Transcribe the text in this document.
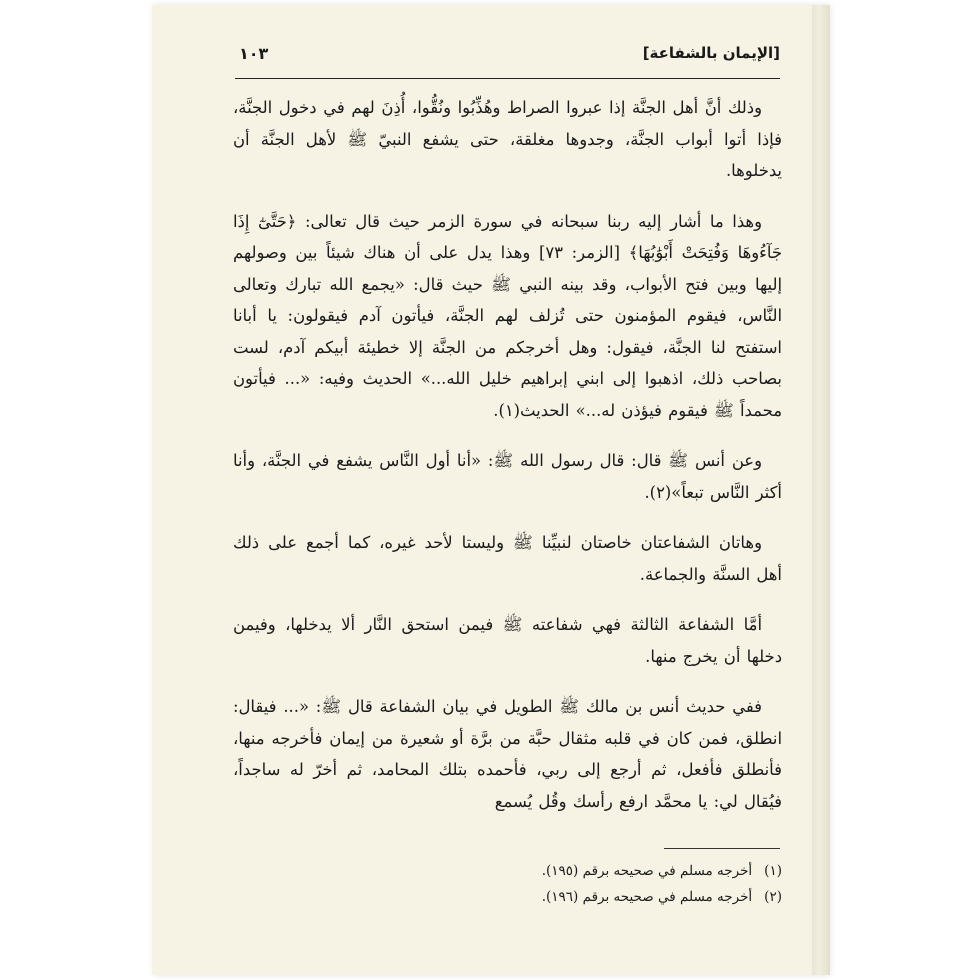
[الإيمان بالشفاعة]
١٠٣

وذلك أنَّ أهل الجنَّة إذا عبروا الصراط وهُذِّبُوا ونُقُّوا، أُذِنَ لهم في دخول الجنَّة، فإذا أتوا أبواب الجنَّة، وجدوها مغلقة، حتى يشفع النبيّ ﷺ لأهل الجنَّة أن يدخلوها.

وهذا ما أشار إليه ربنا سبحانه في سورة الزمر حيث قال تعالى: ﴿حَتَّىٰٓ إِذَا جَآءُوهَا وَفُتِحَتْ أَبْوَٰبُهَا﴾ [الزمر: ٧٣] وهذا يدل على أن هناك شيئاً بين وصولهم إليها وبين فتح الأبواب، وقد بينه النبي ﷺ حيث قال: «يجمع الله تبارك وتعالى النَّاس، فيقوم المؤمنون حتى تُزلف لهم الجنَّة، فيأتون آدم فيقولون: يا أبانا استفتح لنا الجنَّة، فيقول: وهل أخرجكم من الجنَّة إلا خطيئة أبيكم آدم، لست بصاحب ذلك، اذهبوا إلى ابني إبراهيم خليل الله...» الحديث وفيه: «... فيأتون محمداً ﷺ فيقوم فيؤذن له...» الحديث(١).

وعن أنس ﷺ قال: قال رسول الله ﷺ: «أنا أول النَّاس يشفع في الجنَّة، وأنا أكثر النَّاس تبعاً»(٢).

وهاتان الشفاعتان خاصتان لنبيِّنا ﷺ وليستا لأحد غيره، كما أجمع على ذلك أهل السنَّة والجماعة.

أمَّا الشفاعة الثالثة فهي شفاعته ﷺ فيمن استحق النَّار ألا يدخلها، وفيمن دخلها أن يخرج منها.

ففي حديث أنس بن مالك ﷺ الطويل في بيان الشفاعة قال ﷺ: «... فيقال: انطلق، فمن كان في قلبه مثقال حبَّة من برَّة أو شعيرة من إيمان فأخرجه منها، فأنطلق فأفعل، ثم أرجع إلى ربي، فأحمده بتلك المحامد، ثم أخرّ له ساجداً، فيُقال لي: يا محمَّد ارفع رأسك وقُل يُسمع

(١)
أخرجه مسلم في صحيحه برقم (١٩٥).
(٢)
أخرجه مسلم في صحيحه برقم (١٩٦).
